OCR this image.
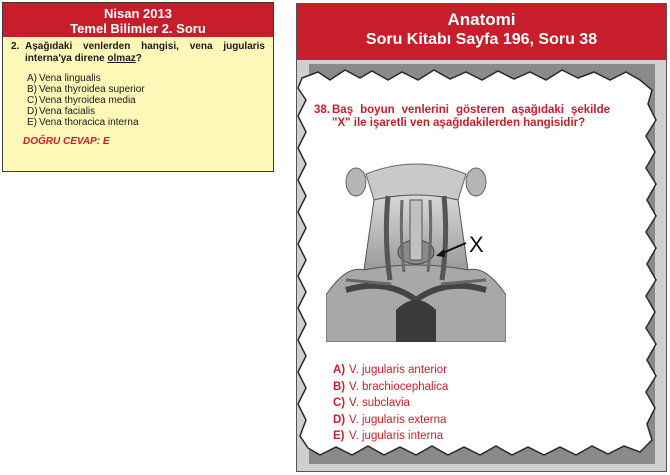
Nisan 2013
Temel Bilimler 2. Soru
2. Aşağıdaki venlerden hangisi, vena jugularis interna'ya direne olmaz?
A) Vena lingualis
B) Vena thyroidea superior
C)Vena thyroidea media
D)Vena facialis
E) Vena thoracica interna
DOĞRU CEVAP: E
Anatomi
Soru Kitabı Sayfa 196, Soru 38
38. Baş boyun venlerini gösteren aşağıdaki şekilde "X" ile işaretli ven aşağıdakilerden hangisidir?
X
A) V. jugularis anterior
B) V. brachiocephalica
C) V. subclavia
D) V. jugularis externa
E) V. jugularis interna
